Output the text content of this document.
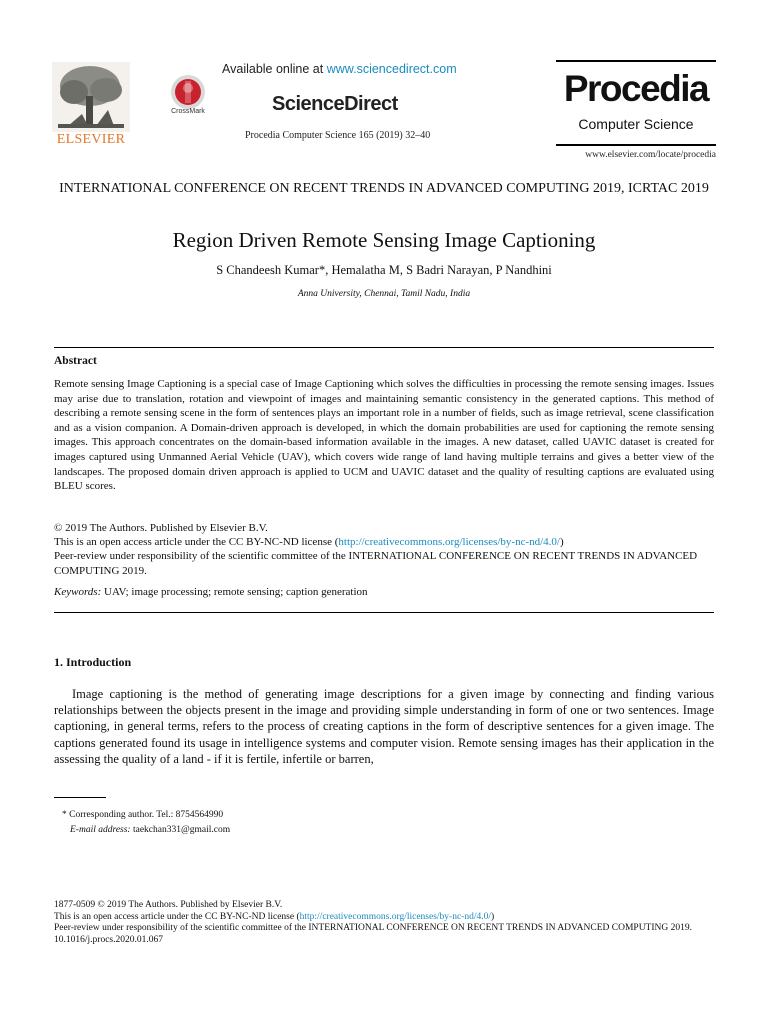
ELSEVIER
CrossMark
Available online at www.sciencedirect.com
ScienceDirect
Procedia Computer Science 165 (2019) 32–40
Procedia
Computer Science
www.elsevier.com/locate/procedia
INTERNATIONAL CONFERENCE ON RECENT TRENDS IN ADVANCED COMPUTING 2019, ICRTAC 2019
Region Driven Remote Sensing Image Captioning
S Chandeesh Kumar*, Hemalatha M, S Badri Narayan, P Nandhini
Anna University, Chennai, Tamil Nadu, India
Abstract
Remote sensing Image Captioning is a special case of Image Captioning which solves the difficulties in processing the remote sensing images. Issues may arise due to translation, rotation and viewpoint of images and maintaining semantic consistency in the generated captions. This method of describing a remote sensing scene in the form of sentences plays an important role in a number of fields, such as image retrieval, scene classification and as a vision companion. A Domain-driven approach is developed, in which the domain probabilities are used for captioning the remote sensing images. This approach concentrates on the domain-based information available in the images. A new dataset, called UAVIC dataset is created for images captured using Unmanned Aerial Vehicle (UAV), which covers wide range of land having multiple terrains and gives a better view of the landscapes. The proposed domain driven approach is applied to UCM and UAVIC dataset and the quality of resulting captions are evaluated using BLEU scores.
© 2019 The Authors. Published by Elsevier B.V.
This is an open access article under the CC BY-NC-ND license (http://creativecommons.org/licenses/by-nc-nd/4.0/)
Peer-review under responsibility of the scientific committee of the INTERNATIONAL CONFERENCE ON RECENT TRENDS IN ADVANCED COMPUTING 2019.
Keywords: UAV; image processing; remote sensing; caption generation
1. Introduction
Image captioning is the method of generating image descriptions for a given image by connecting and finding various relationships between the objects present in the image and providing simple understanding in form of one or two sentences. Image captioning, in general terms, refers to the process of creating captions in the form of descriptive sentences for a given image. The captions generated found its usage in intelligence systems and computer vision. Remote sensing images has their application in the assessing the quality of a land - if it is fertile, infertile or barren,
* Corresponding author. Tel.: 8754564990
E-mail address: taekchan331@gmail.com
1877-0509 © 2019 The Authors. Published by Elsevier B.V.
This is an open access article under the CC BY-NC-ND license (http://creativecommons.org/licenses/by-nc-nd/4.0/)
Peer-review under responsibility of the scientific committee of the INTERNATIONAL CONFERENCE ON RECENT TRENDS IN ADVANCED COMPUTING 2019.
10.1016/j.procs.2020.01.067
